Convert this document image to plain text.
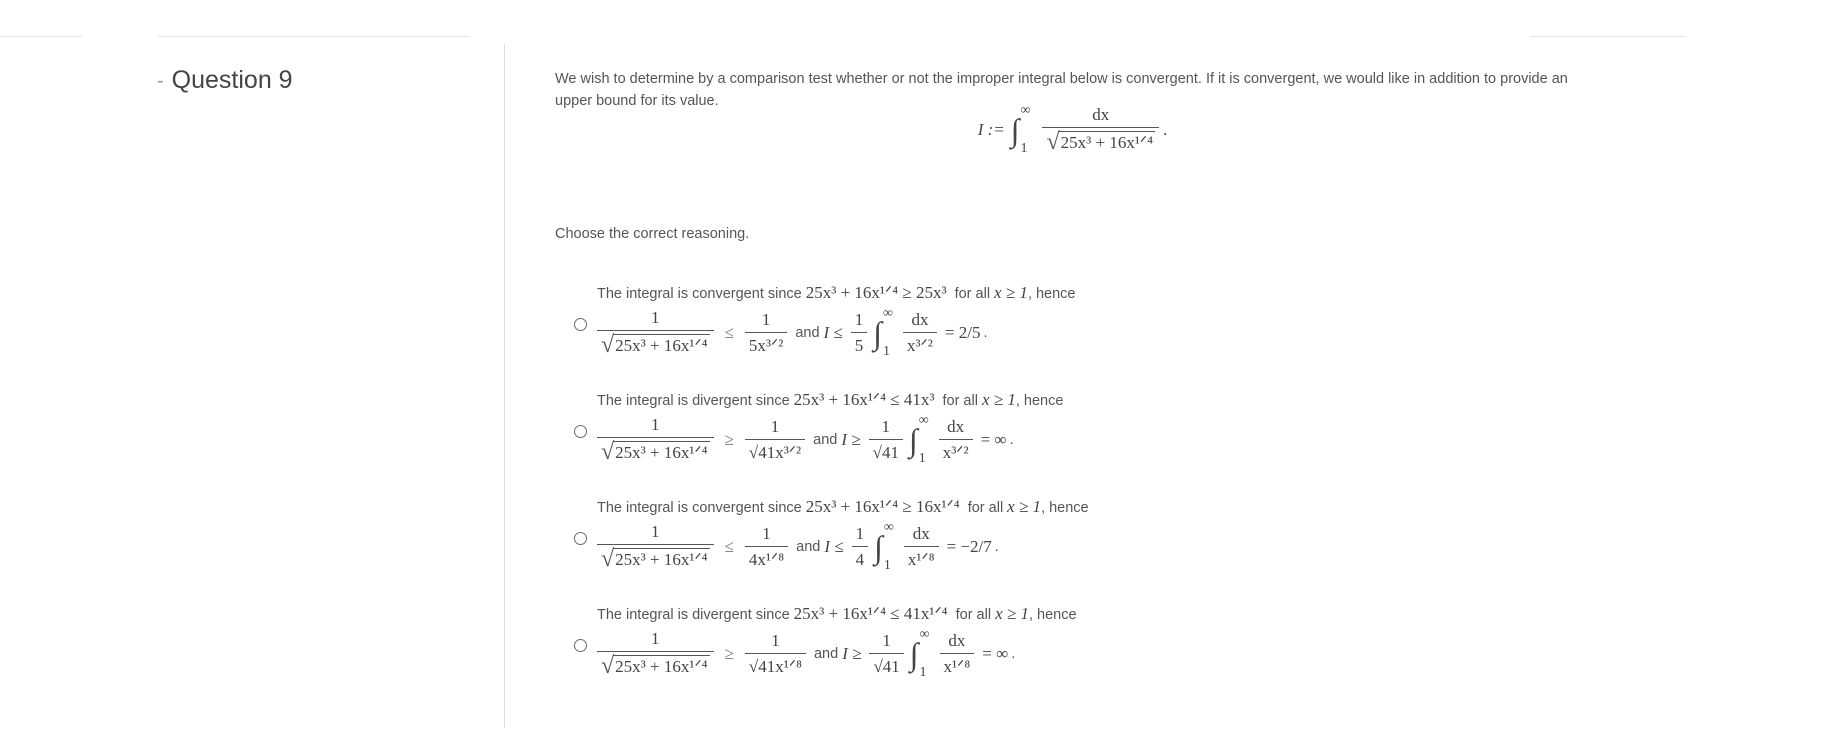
- Question 9	We wish to determine by a comparison test whether or not the improper integral below is convergent. If it is convergent, we would like in addition to provide an upper bound for its value.
I := ∫
∞
$1 \frac{dx}{\text{√ 25x³ + 16x¹ᐟ⁴}}$ .
Choose the correct reasoning.
The integral is convergent since 25x³ + 16x¹ᐟ⁴ ≥ 25x³ for all x ≥ 1 , hence
$\frac{1}{\text{√ 25x³ + 16x¹ᐟ⁴}} \le \frac{1}{\text{5x³ᐟ²}}$ and $I \le \frac{1}{5}$ ∫
∞
$1 \frac{dx}{\text{x³ᐟ²}} = 2/5$ .
The integral is divergent since 25x³ + 16x¹ᐟ⁴ ≤ 41x³ for all x ≥ 1 , hence
$\frac{1}{\text{√ 25x³ + 16x¹ᐟ⁴}} \ge \frac{1}{\text{√41x³ᐟ²}}$ and $I \ge \frac{1}{√41}$ ∫
∞
$1 \frac{dx}{\text{x³ᐟ²}}$ = ∞ .
The integral is convergent since 25x³ + 16x¹ᐟ⁴ ≥ 16x¹ᐟ⁴ for all x ≥ 1 , hence
$\frac{1}{\text{√ 25x³ + 16x¹ᐟ⁴}} \le \frac{1}{\text{4x¹ᐟ⁸}}$ and $I \le \frac{1}{4}$ ∫
∞
$1 \frac{dx}{\text{x¹ᐟ⁸}} = -2/7$ .
The integral is divergent since 25x³ + 16x¹ᐟ⁴ ≤ 41x¹ᐟ⁴ for all x ≥ 1 , hence
$\frac{1}{\text{√ 25x³ + 16x¹ᐟ⁴}} \ge \frac{1}{\text{√41x¹ᐟ⁸}}$ and $I \ge \frac{1}{√41}$ ∫
∞
$1 \frac{dx}{\text{x¹ᐟ⁸}}$ = ∞ .
